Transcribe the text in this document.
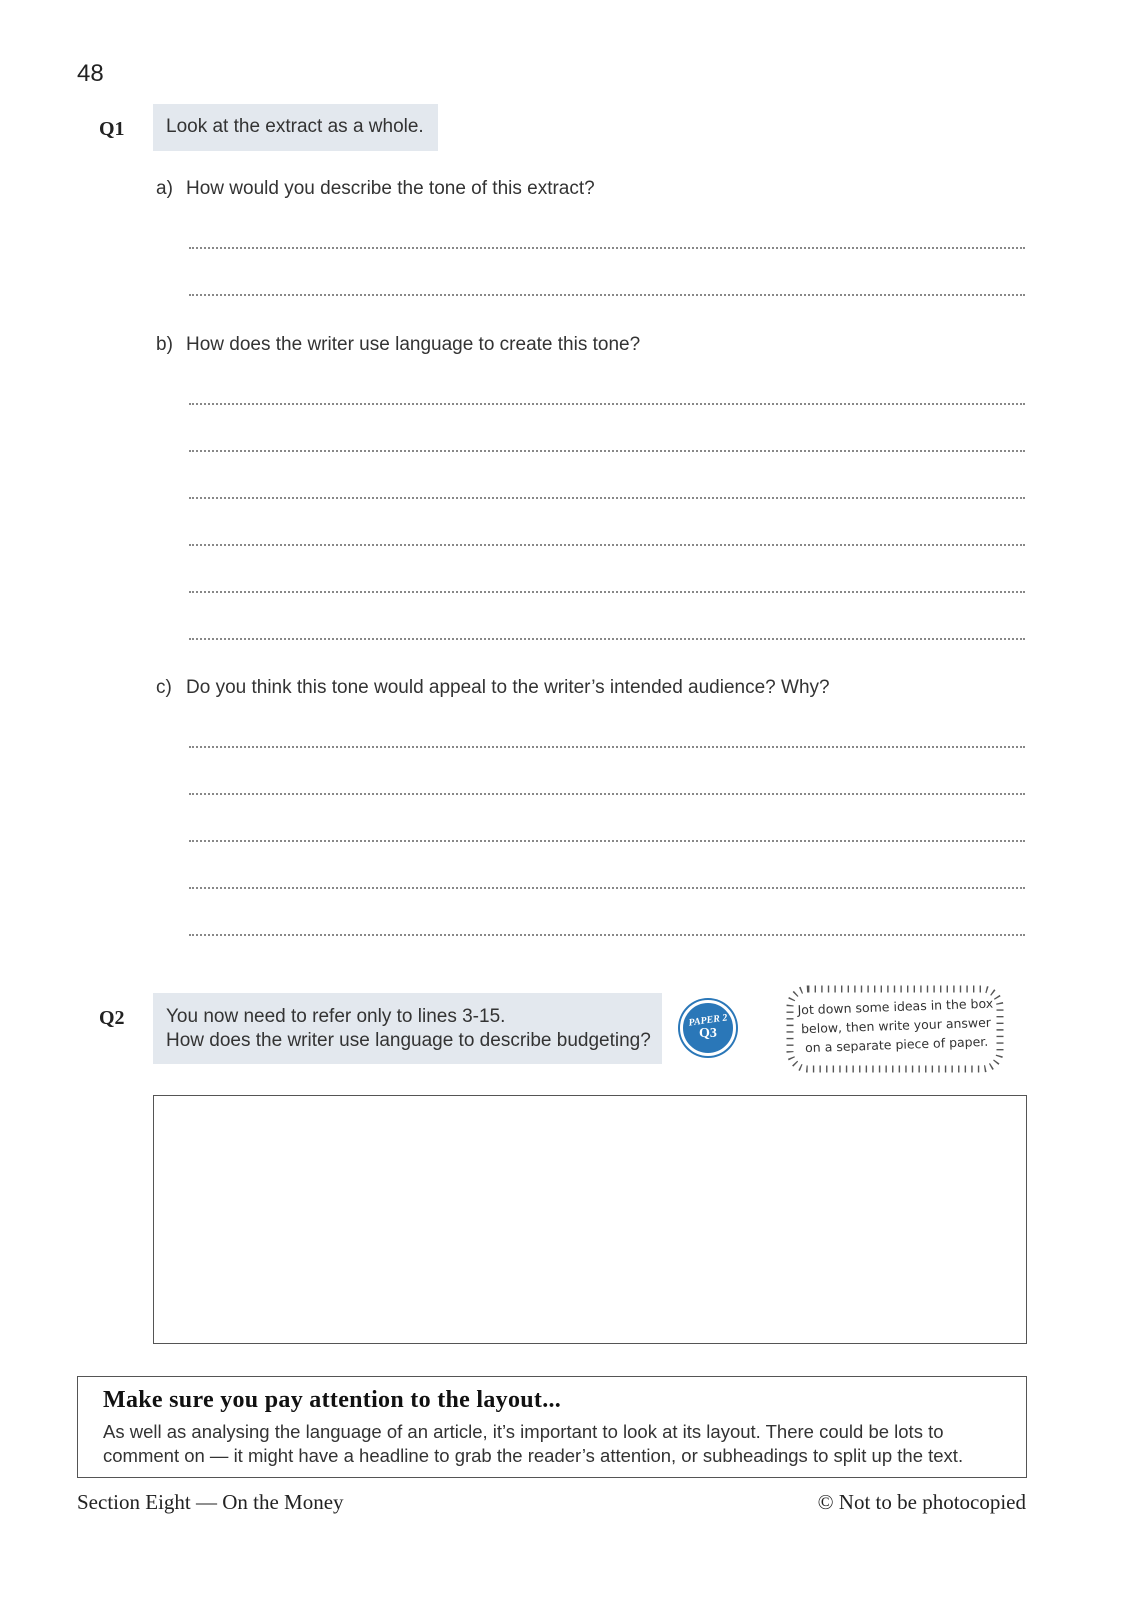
48
Q1	Look at the extract as a whole.
a) How would you describe the tone of this extract?
b) How does the writer use language to create this tone?
c) Do you think this tone would appeal to the writer’s intended audience? Why?
Q2 You now need to refer only to lines 3-15.
How does the writer use language to describe budgeting?
PAPER 2
Q3
Jot down some ideas in the box
below, then write your answer
on a separate piece of paper.
Make sure you pay attention to the layout...
As well as analysing the language of an article, it’s important to look at its layout. There could be lots to comment on — it might have a headline to grab the reader’s attention, or subheadings to split up the text.
Section Eight — On the Money	© Not to be photocopied
